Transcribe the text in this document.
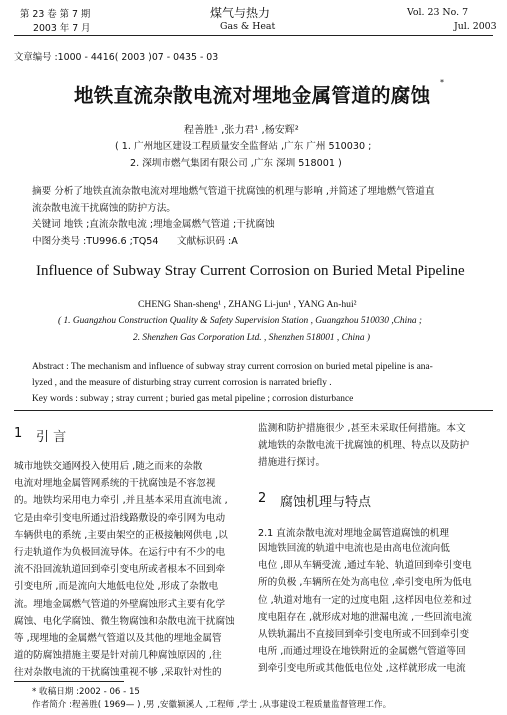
第 23 卷 第 7 期
2003 年 7 月
煤气与热力
Gas & Heat
Vol. 23 No. 7
Jul. 2003
文章编号 :1000 - 4416( 2003 )07 - 0435 - 03
地铁直流杂散电流对埋地金属管道的腐蚀
*
程善胜¹ ,张力君¹ ,杨安辉²
( 1. 广州地区建设工程质量安全监督站 ,广东 广州 510030 ;
2. 深圳市燃气集团有限公司 ,广东 深圳 518001 )
摘要 分析了地铁直流杂散电流对埋地燃气管道干扰腐蚀的机理与影响 ,并简述了埋地燃气管道直
流杂散电流干扰腐蚀的防护方法。
关键词 地铁 ;直流杂散电流 ;埋地金属燃气管道 ;干扰腐蚀
中图分类号 :TU996.6 ;TQ54 文献标识码 :A
Influence of Subway Stray Current Corrosion on Buried Metal Pipeline
CHENG Shan-sheng¹ , ZHANG Li-jun¹ , YANG An-hui²
( 1. Guangzhou Construction Quality & Safety Supervision Station , Guangzhou 510030 ,China ;
2. Shenzhen Gas Corporation Ltd. , Shenzhen 518001 , China )
Abstract : The mechanism and influence of subway stray current corrosion on buried metal pipeline is ana-
lyzed , and the measure of disturbing stray current corrosion is narrated briefly .
Key words : subway ; stray current ; buried gas metal pipeline ; corrosion disturbance
1 引 言
城市地铁交通网投入使用后 ,随之而来的杂散
电流对埋地金属管网系统的干扰腐蚀是不容忽视
的。地铁均采用电力牵引 ,并且基本采用直流电流 ,
它是由牵引变电所通过沿线路敷设的牵引网为电动
车辆供电的系统 ,主要由架空的正极接触网供电 ,以
行走轨道作为负极回流导体。在运行中有不少的电
流不沿回流轨道回到牵引变电所或者根本不回到牵
引变电所 ,而是流向大地低电位处 ,形成了杂散电
流。埋地金属燃气管道的外壁腐蚀形式主要有化学
腐蚀、电化学腐蚀、微生物腐蚀和杂散电流干扰腐蚀
等 ,现埋地的金属燃气管道以及其他的埋地金属管
道的防腐蚀措施主要是针对前几种腐蚀原因的 ,往
往对杂散电流的干扰腐蚀重视不够 ,采取针对性的
监测和防护措施很少 ,甚至未采取任何措施。本文
就地铁的杂散电流干扰腐蚀的机理、特点以及防护
措施进行探讨。
2 腐蚀机理与特点
2.1 直流杂散电流对埋地金属管道腐蚀的机理
因地铁回流的轨道中电流也是由高电位流向低
电位 ,即从车辆受流 ,通过车轮、轨道回到牵引变电
所的负极 ,车辆所在处为高电位 ,牵引变电所为低电
位 ,轨道对地有一定的过度电阻 ,这样因电位差和过
度电阻存在 ,就形成对地的泄漏电流 ,一些回流电流
从铁轨漏出不直接回到牵引变电所或不回到牵引变
电所 ,而通过埋设在地铁附近的金属燃气管道等回
到牵引变电所或其他低电位处 ,这样就形成一电流
* 收稿日期 :2002 - 06 - 15
作者简介 :程善胜( 1969— ) ,男 ,安徽颍溪人 ,工程师 ,学士 ,从事建设工程质量监督管理工作。
